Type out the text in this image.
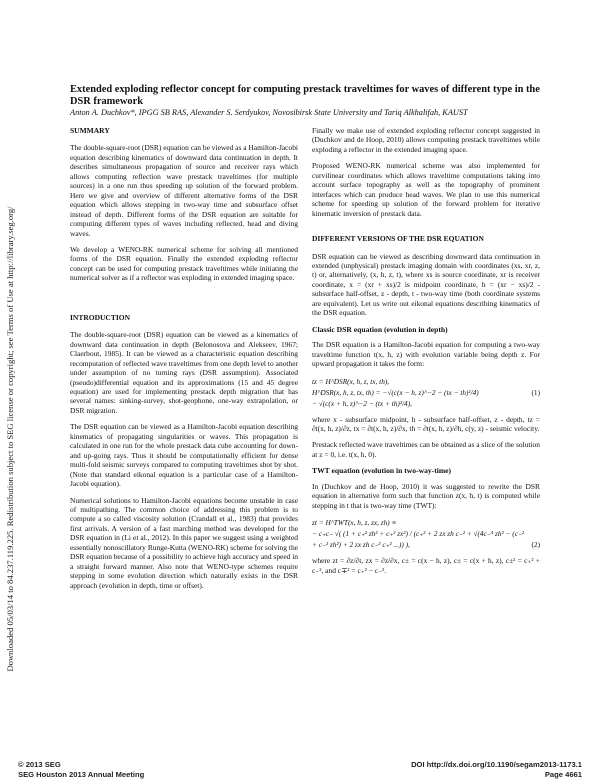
Downloaded 05/03/14 to 84.237.119.225. Redistribution subject to SEG license or copyright; see Terms of Use at http://library.seg.org/
Extended exploding reflector concept for computing prestack traveltimes for waves of different type in the DSR framework
Anton A. Duchkov*, IPGG SB RAS, Alexander S. Serdyukov, Novosibirsk State University and Tariq Alkhalifah, KAUST
SUMMARY

The double-square-root (DSR) equation can be viewed as a Hamilton-Jacobi equation describing kinematics of downward data continuation in depth. It describes simultaneous propagation of source and receiver rays which allows computing reflection wave prestack traveltimes (for multiple sources) in a one run thus speeding up solution of the forward problem. Here we give and overview of different alternative forms of the DSR equation which allows stepping in two-way time and subsurface offset instead of depth. Different forms of the DSR equation are suitable for computing different types of waves including reflected, head and diving waves.

We develop a WENO-RK numerical scheme for solving all mentioned forms of the DSR equation. Finally the extended exploding reflector concept can be used for computing prestack traveltimes while initiating the numerical solver as if a reflector was exploding in extended imaging space.

INTRODUCTION

The double-square-root (DSR) equation can be viewed as a kinematics of downward data continuation in depth (Belonosova and Alekseev, 1967; Claerbout, 1985). It can be viewed as a characteristic equation describing recomputation of reflected wave traveltimes from one depth level to another under assumption of no turning rays (DSR assumption). Associated (pseudo)differential equation and its approximations (15 and 45 degree equation) are used for implementing prestack depth migration that has several names: sinking-survey, shot-geophone, one-way extrapolation, or DSR migration.

The DSR equation can be viewed as a Hamilton-Jacobi equation describing kinematics of propagating singularities or waves. This propagation is calculated in one run for the whole prestack data cube accounting for down- and up-going rays. Thus it should be computationally efficient for dense multi-fold seismic surveys compared to computing traveltimes shot by shot. (Note that standard eikonal equation is a particular case of a Hamilton-Jacobi equation).

Numerical solutions to Hamilton-Jacobi equations become unstable in case of multipathing. The common choice of addressing this problem is to compute a so called viscosity solution (Crandall et al., 1983) that provides first arrivals. A version of a fast marching method was developed for the DSR equation in (Li et al., 2012). In this paper we suggest using a weighted essentially nonoscillatory Runge-Kutta (WENO-RK) scheme for solving the DSR equation because of a possibility to achieve high accuracy and speed in a straight forward manner. Also note that WENO-type schemes require stepping in some evolution direction which naturally exists in the DSR approach (evolution in depth, time or offset).

Finally we make use of extended exploding reflector concept suggested in (Duchkov and de Hoop, 2010) allows computing prestack traveltimes while exploding a reflector in the extended imaging space.

Proposed WENO-RK numerical scheme was also implemented for curvilinear coordinates which allows traveltime computations taking into account surface topography as well as the topography of prominent interfaces which can produce head waves. We plan to use this numerical scheme for speeding up solution of the forward problem for iterative kinematic inversion of prestack data.

DIFFERENT VERSIONS OF THE DSR EQUATION

DSR equation can be viewed as describing downward data continuation in extended (unphysical) prestack imaging domain with coordinates (xs, xr, z, t) or, alternatively, (x, h, z, t), where xs is source coordinate, xr is receiver coordinate, x = (xr + xs)/2 is midpoint coordinate, h = (xr − xs)/2 - subsurface half-offset, z - depth, t - two-way time (both coordinate systems are equivalent). Let us write out eikonal equations describing kinematics of the DSR equation.

Classic DSR equation (evolution in depth)

The DSR equation is a Hamilton-Jacobi equation for computing a two-way traveltime function t(x, h, z) with evolution variable being depth z. For upward propagation it takes the form:

tz = H^DSR(x, h, z, tx, th),
H^DSR(x, h, z, tx, th) = −√(c(x − h, z)^−2 − (tx − th)²/4)
− √(c(x + h, z)^−2 − (tx + th)²/4),
(1)

where x - subsurface midpoint, h - subsurface half-offset, z - depth, tz = ∂t(x, h, z)/∂z, tx = ∂t(x, h, z)/∂x, th = ∂t(x, h, z)/∂h, c(y, z) - seismic velocity.

Prestack reflected wave traveltimes can be obtained as a slice of the solution at z = 0, i.e. t(x, h, 0).

TWT equation (evolution in two-way-time)

In (Duchkov and de Hoop, 2010) it was suggested to rewrite the DSR equation in alternative form such that function z(x, h, t) is computed while stepping in t that is two-way time (TWT):

zt = H^TWT(x, h, z, zx, zh) ≡
− c₊c₋ √( (1 + c₊² zh² + c₊² zx²) / (c₊² + 2 zx zh c₋² + √(4c₋⁴ zh² − (c₋² + c₋² zh²) + 2 zx zh c₋² c₊² ...)) ),	(2)

where zt = ∂z/∂t, zx = ∂z/∂x, c± = c(x − h, z), c± = c(x + h, z), c±² = c₊² + c₋², and c∓² = c₊² − c₋².

© 2013 SEG
SEG Houston 2013 Annual Meeting
DOI http://dx.doi.org/10.1190/segam2013-1173.1
Page 4661
